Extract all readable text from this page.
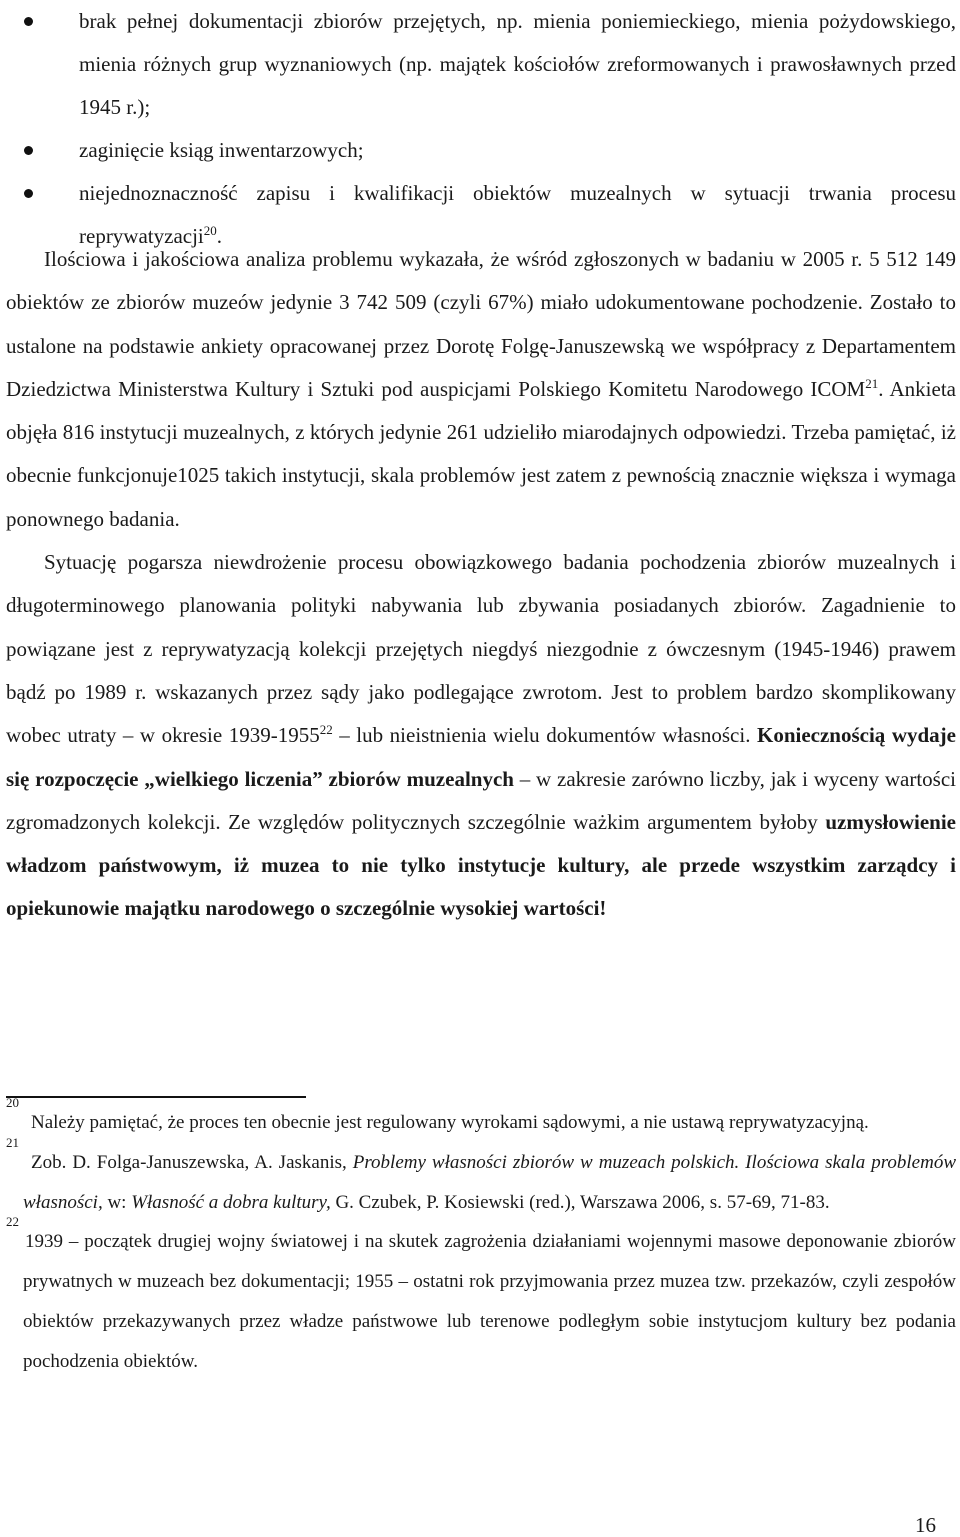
brak pełnej dokumentacji zbiorów przejętych, np. mienia poniemieckiego, mienia pożydowskiego, mienia różnych grup wyznaniowych (np. majątek kościołów zreformowanych i prawosławnych przed 1945 r.);
zaginięcie ksiąg inwentarzowych;
niejednoznaczność zapisu i kwalifikacji obiektów muzealnych w sytuacji trwania procesu reprywatyzacji$^{20}$.

Ilościowa i jakościowa analiza problemu wykazała, że wśród zgłoszonych w badaniu w 2005 r. 5 512 149 obiektów ze zbiorów muzeów jedynie 3 742 509 (czyli 67%) miało udokumentowane pochodzenie. Zostało to ustalone na podstawie ankiety opracowanej przez Dorotę Folgę-Januszewską we współpracy z Departamentem Dziedzictwa Ministerstwa Kultury i Sztuki pod auspicjami Polskiego Komitetu Narodowego ICOM$^{21}$. Ankieta objęła 816 instytucji muzealnych, z których jedynie 261 udzieliło miarodajnych odpowiedzi. Trzeba pamiętać, iż obecnie funkcjonuje1025 takich instytucji, skala problemów jest zatem z pewnością znacznie większa i wymaga ponownego badania.

Sytuację pogarsza niewdrożenie procesu obowiązkowego badania pochodzenia zbiorów muzealnych i długoterminowego planowania polityki nabywania lub zbywania posiadanych zbiorów. Zagadnienie to powiązane jest z reprywatyzacją kolekcji przejętych niegdyś niezgodnie z ówczesnym (1945-1946) prawem bądź po 1989 r. wskazanych przez sądy jako podlegające zwrotom. Jest to problem bardzo skomplikowany wobec utraty – w okresie 1939-1955$^{22}$ – lub nieistnienia wielu dokumentów własności. Koniecznością wydaje się rozpoczęcie „wielkiego liczenia” zbiorów muzealnych – w zakresie zarówno liczby, jak i wyceny wartości zgromadzonych kolekcji. Ze względów politycznych szczególnie ważkim argumentem byłoby uzmysłowienie władzom państwowym, iż muzea to nie tylko instytucje kultury, ale przede wszystkim zarządcy i opiekunowie majątku narodowego o szczególnie wysokiej wartości!

20
Należy pamiętać, że proces ten obecnie jest regulowany wyrokami sądowymi, a nie ustawą reprywatyzacyjną.
21
Zob. D. Folga-Januszewska, A. Jaskanis, Problemy własności zbiorów w muzeach polskich. Ilościowa skala problemów własności, w: Własność a dobra kultury, G. Czubek, P. Kosiewski (red.), Warszawa 2006, s. 57-69, 71-83.
22
1939 – początek drugiej wojny światowej i na skutek zagrożenia działaniami wojennymi masowe deponowanie zbiorów prywatnych w muzeach bez dokumentacji; 1955 – ostatni rok przyjmowania przez muzea tzw. przekazów, czyli zespołów obiektów przekazywanych przez władze państwowe lub terenowe podległym sobie instytucjom kultury bez podania pochodzenia obiektów.
16
